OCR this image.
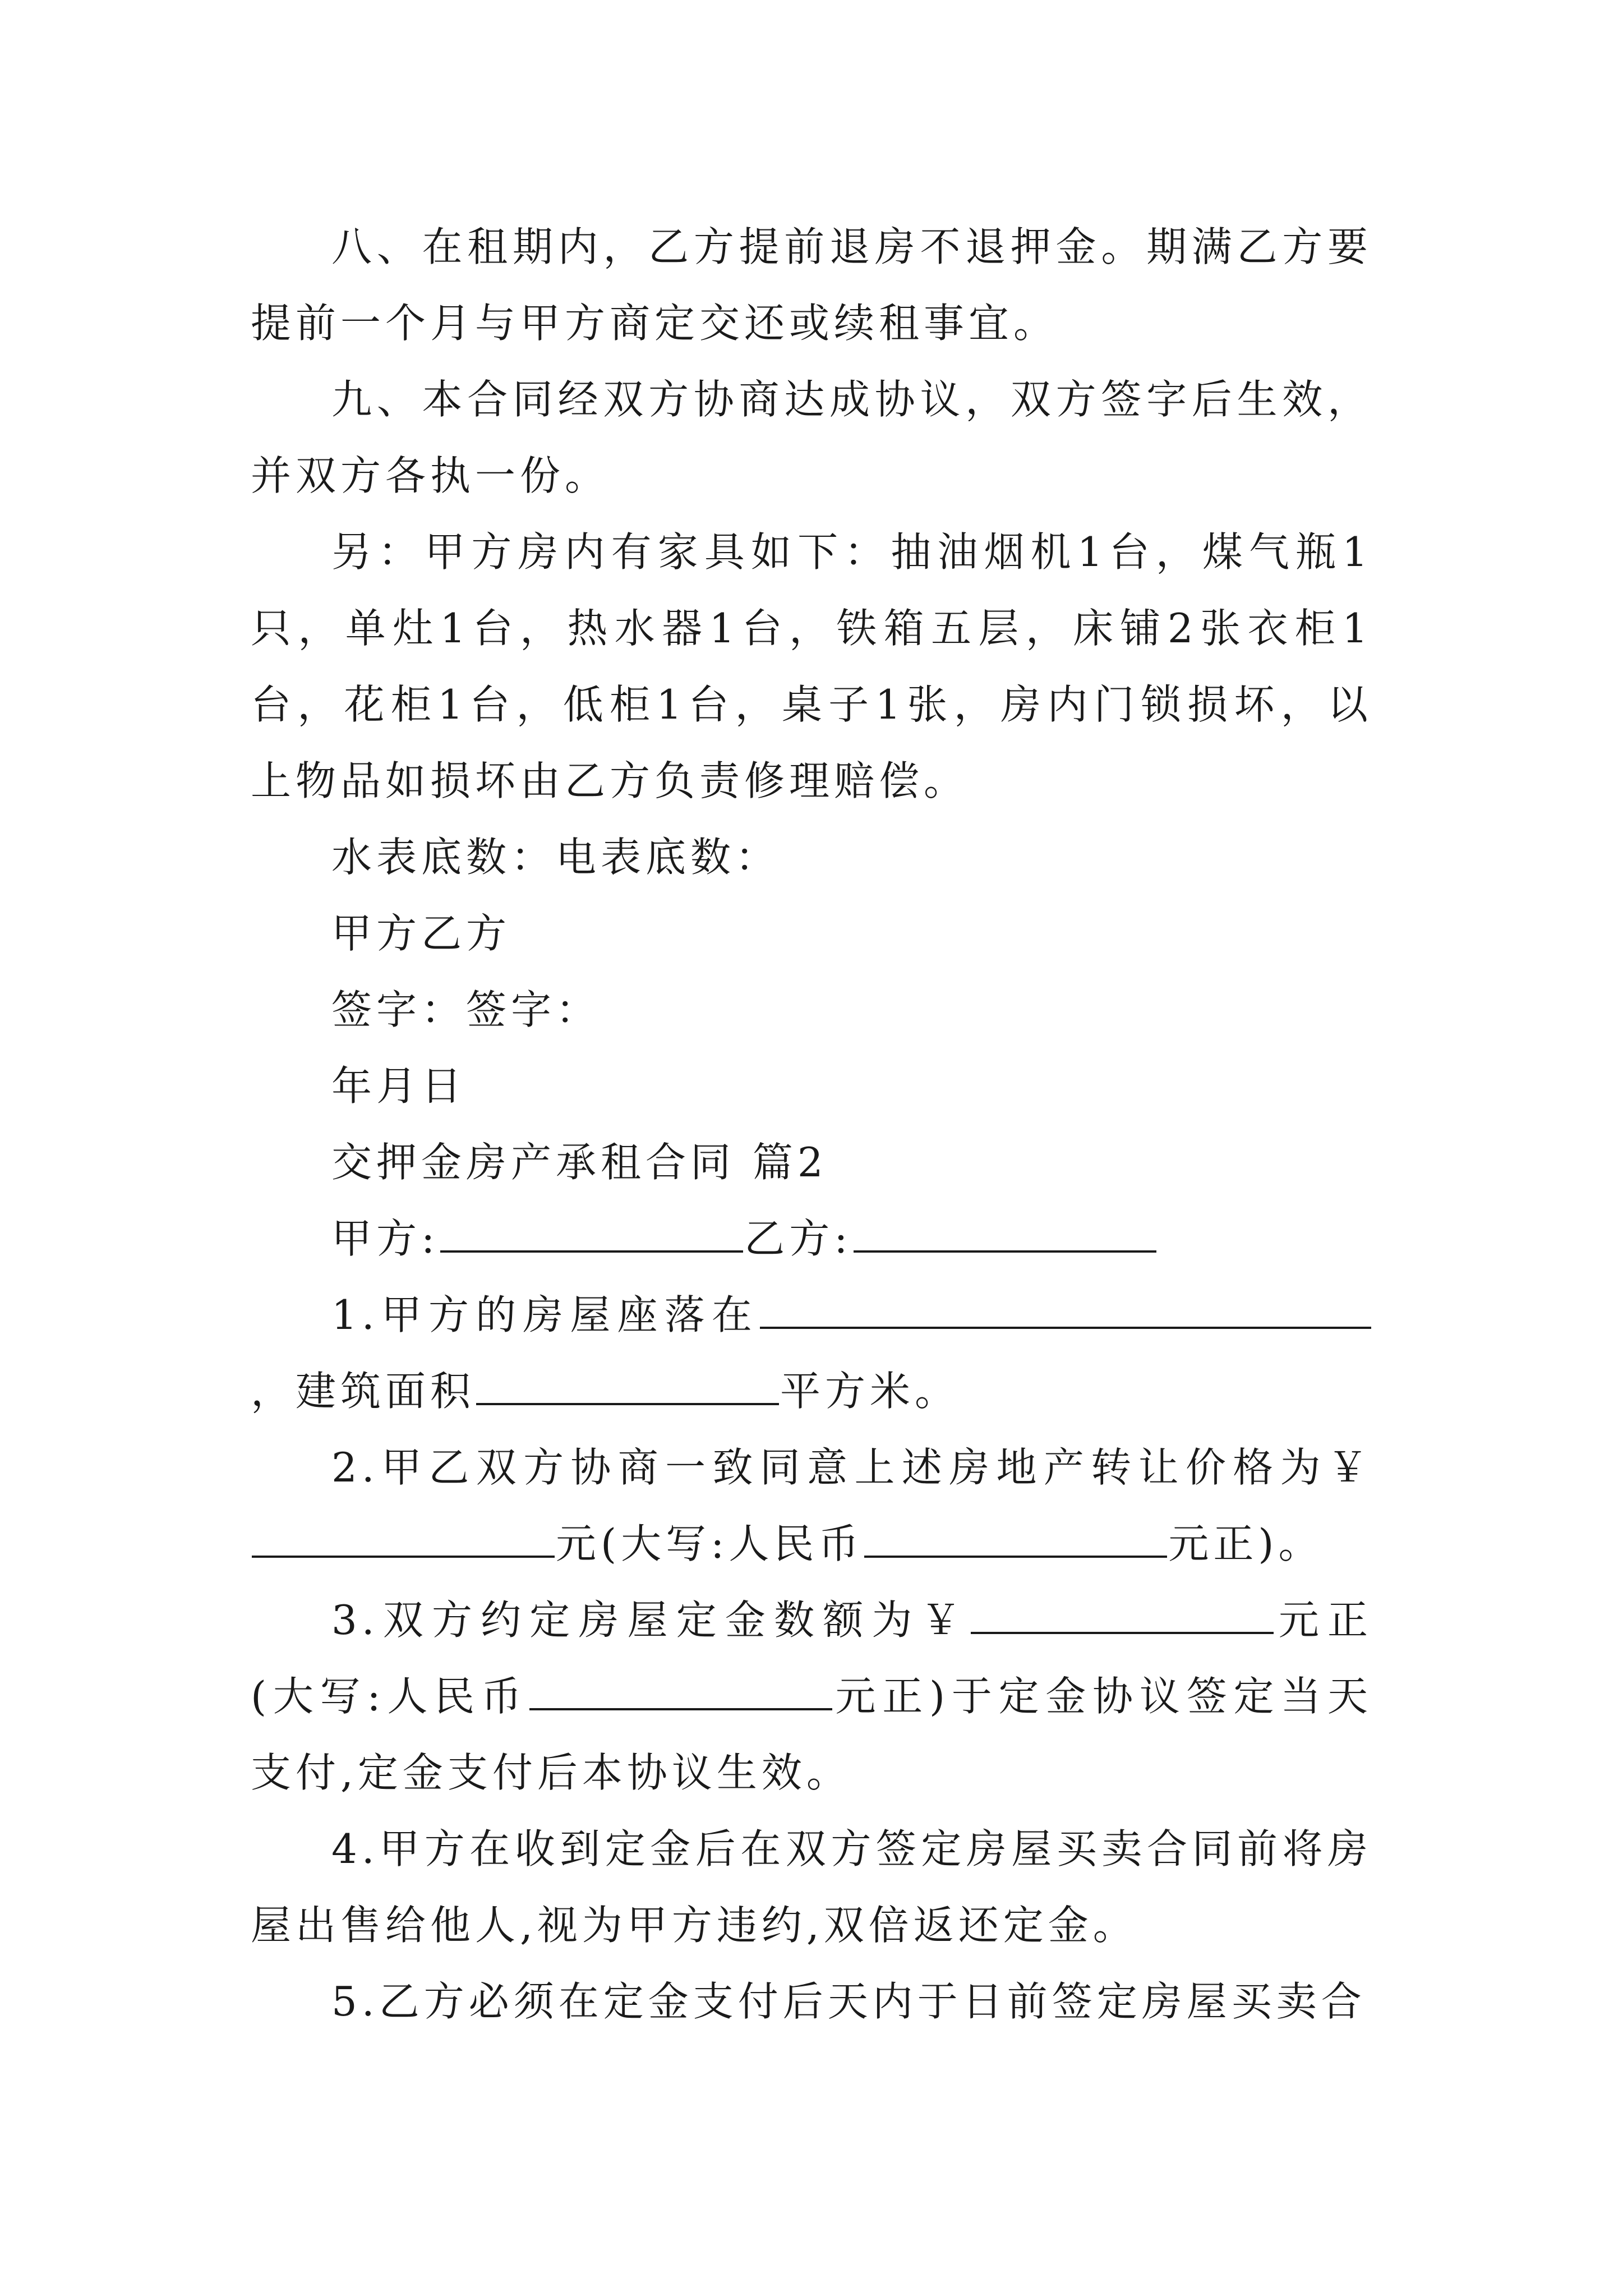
八、在租期内，乙方提前退房不退押金。期满乙方要提前一个月与甲方商定交还或续租事宜。

九、本合同经双方协商达成协议，双方签字后生效，并双方各执一份。

另：甲方房内有家具如下：抽油烟机1台，煤气瓶1只，单灶1台，热水器1台，铁箱五层，床铺2张衣柜1台，花柜1台，低柜1台，桌子1张，房内门锁损坏，以上物品如损坏由乙方负责修理赔偿。

水表底数：电表底数：

甲方乙方

签字：签字：

年月日

交押金房产承租合同 篇2

甲方:	乙方:

1.甲方的房屋座落在，建筑面积	平方米。

2.甲乙双方协商一致同意上述房地产转让价格为￥元(大写:人民币	元正)。

3.双方约定房屋定金数额为￥	元正(大写:人民币	元正)于定金协议签定当天支付,定金支付后本协议生效。

4.甲方在收到定金后在双方签定房屋买卖合同前将房屋出售给他人,视为甲方违约,双倍返还定金。

5.乙方必须在定金支付后天内于日前签定房屋买卖合
